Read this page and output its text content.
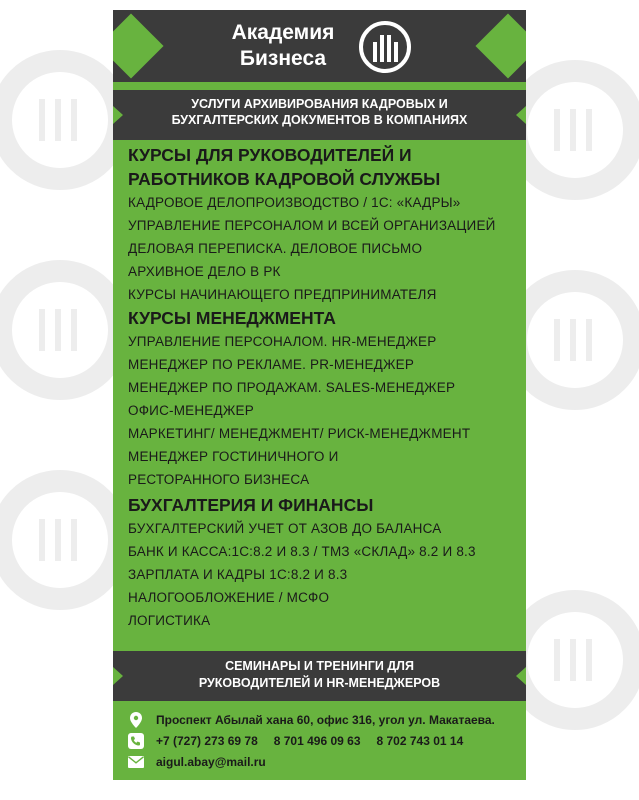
Академия
Бизнеса
УСЛУГИ АРХИВИРОВАНИЯ КАДРОВЫХ И
БУХГАЛТЕРСКИХ ДОКУМЕНТОВ В КОМПАНИЯХ

КУРСЫ ДЛЯ РУКОВОДИТЕЛЕЙ И

РАБОТНИКОВ КАДРОВОЙ СЛУЖБЫ

КАДРОВОЕ ДЕЛОПРОИЗВОДСТВО / 1С: «КАДРЫ»

УПРАВЛЕНИЕ ПЕРСОНАЛОМ И ВСЕЙ ОРГАНИЗАЦИЕЙ

ДЕЛОВАЯ ПЕРЕПИСКА. ДЕЛОВОЕ ПИСЬМО

АРХИВНОЕ ДЕЛО В РК

КУРСЫ НАЧИНАЮЩЕГО ПРЕДПРИНИМАТЕЛЯ

КУРСЫ МЕНЕДЖМЕНТА

УПРАВЛЕНИЕ ПЕРСОНАЛОМ. HR-МЕНЕДЖЕР

МЕНЕДЖЕР ПО РЕКЛАМЕ. PR-МЕНЕДЖЕР

МЕНЕДЖЕР ПО ПРОДАЖАМ. SALES-МЕНЕДЖЕР

ОФИС-МЕНЕДЖЕР

МАРКЕТИНГ/ МЕНЕДЖМЕНТ/ РИСК-МЕНЕДЖМЕНТ

МЕНЕДЖЕР ГОСТИНИЧНОГО И

РЕСТОРАННОГО БИЗНЕСА

БУХГАЛТЕРИЯ И ФИНАНСЫ

БУХГАЛТЕРСКИЙ УЧЕТ ОТ АЗОВ ДО БАЛАНСА

БАНК И КАССА:1С:8.2 И 8.3 / ТМЗ «СКЛАД» 8.2 И 8.3

ЗАРПЛАТА И КАДРЫ 1С:8.2 И 8.3

НАЛОГООБЛОЖЕНИЕ / МСФО

ЛОГИСТИКА

СЕМИНАРЫ И ТРЕНИНГИ ДЛЯ
РУКОВОДИТЕЛЕЙ И HR-МЕНЕДЖЕРОВ
Проспект Абылай хана 60, офис 316, угол ул. Макатаева.
+7 (727) 273 69 78 8 701 496 09 63 8 702 743 01 14
aigul.abay@mail.ru
